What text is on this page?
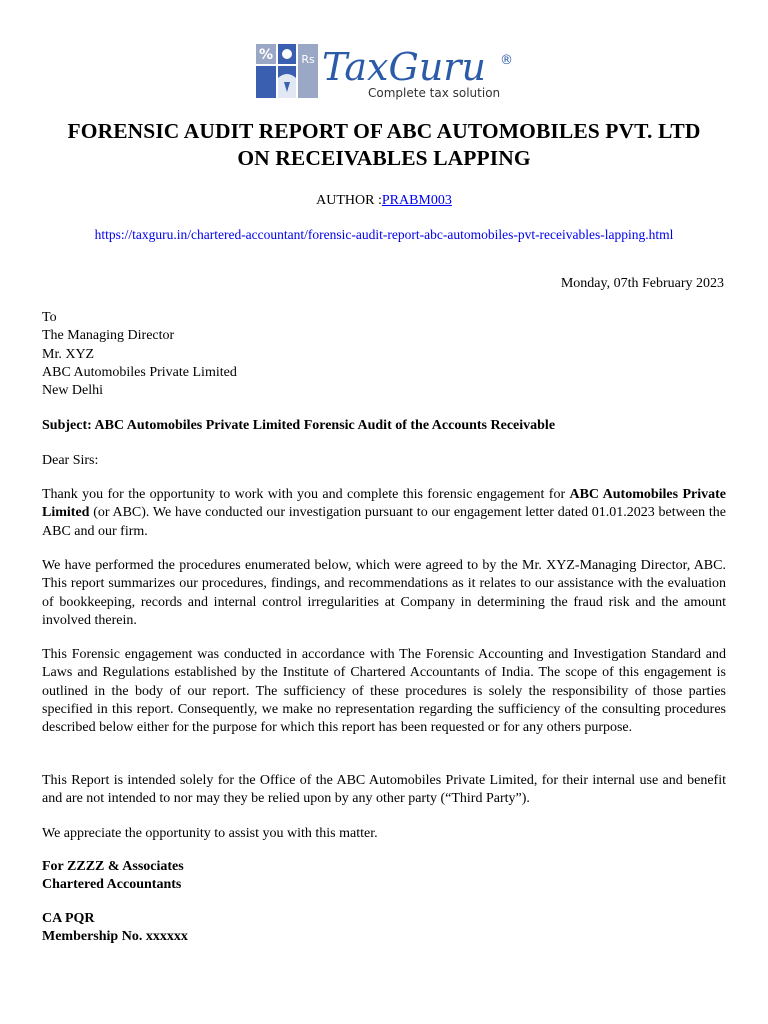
%	Rs TaxGuru ®
Complete tax solution
FORENSIC AUDIT REPORT OF ABC AUTOMOBILES PVT. LTD
ON RECEIVABLES LAPPING
AUTHOR :PRABM003
https://taxguru.in/chartered-accountant/forensic-audit-report-abc-automobiles-pvt-receivables-lapping.html
Monday, 07th February 2023
To
The Managing Director
Mr. XYZ
ABC Automobiles Private Limited
New Delhi
Subject: ABC Automobiles Private Limited Forensic Audit of the Accounts Receivable
Dear Sirs:
Thank you for the opportunity to work with you and complete this forensic engagement for ABC Automobiles Private Limited (or ABC). We have conducted our investigation pursuant to our engagement letter dated 01.01.2023 between the ABC and our firm.
We have performed the procedures enumerated below, which were agreed to by the Mr. XYZ-Managing Director, ABC. This report summarizes our procedures, findings, and recommendations as it relates to our assistance with the evaluation of bookkeeping, records and internal control irregularities at Company in determining the fraud risk and the amount involved therein.
This Forensic engagement was conducted in accordance with The Forensic Accounting and Investigation Standard and Laws and Regulations established by the Institute of Chartered Accountants of India. The scope of this engagement is outlined in the body of our report. The sufficiency of these procedures is solely the responsibility of those parties specified in this report. Consequently, we make no representation regarding the sufficiency of the consulting procedures described below either for the purpose for which this report has been requested or for any others purpose.
This Report is intended solely for the Office of the ABC Automobiles Private Limited, for their internal use and benefit and are not intended to nor may they be relied upon by any other party (“Third Party”).
We appreciate the opportunity to assist you with this matter.
For ZZZZ & Associates
Chartered Accountants
CA PQR
Membership No. xxxxxx
